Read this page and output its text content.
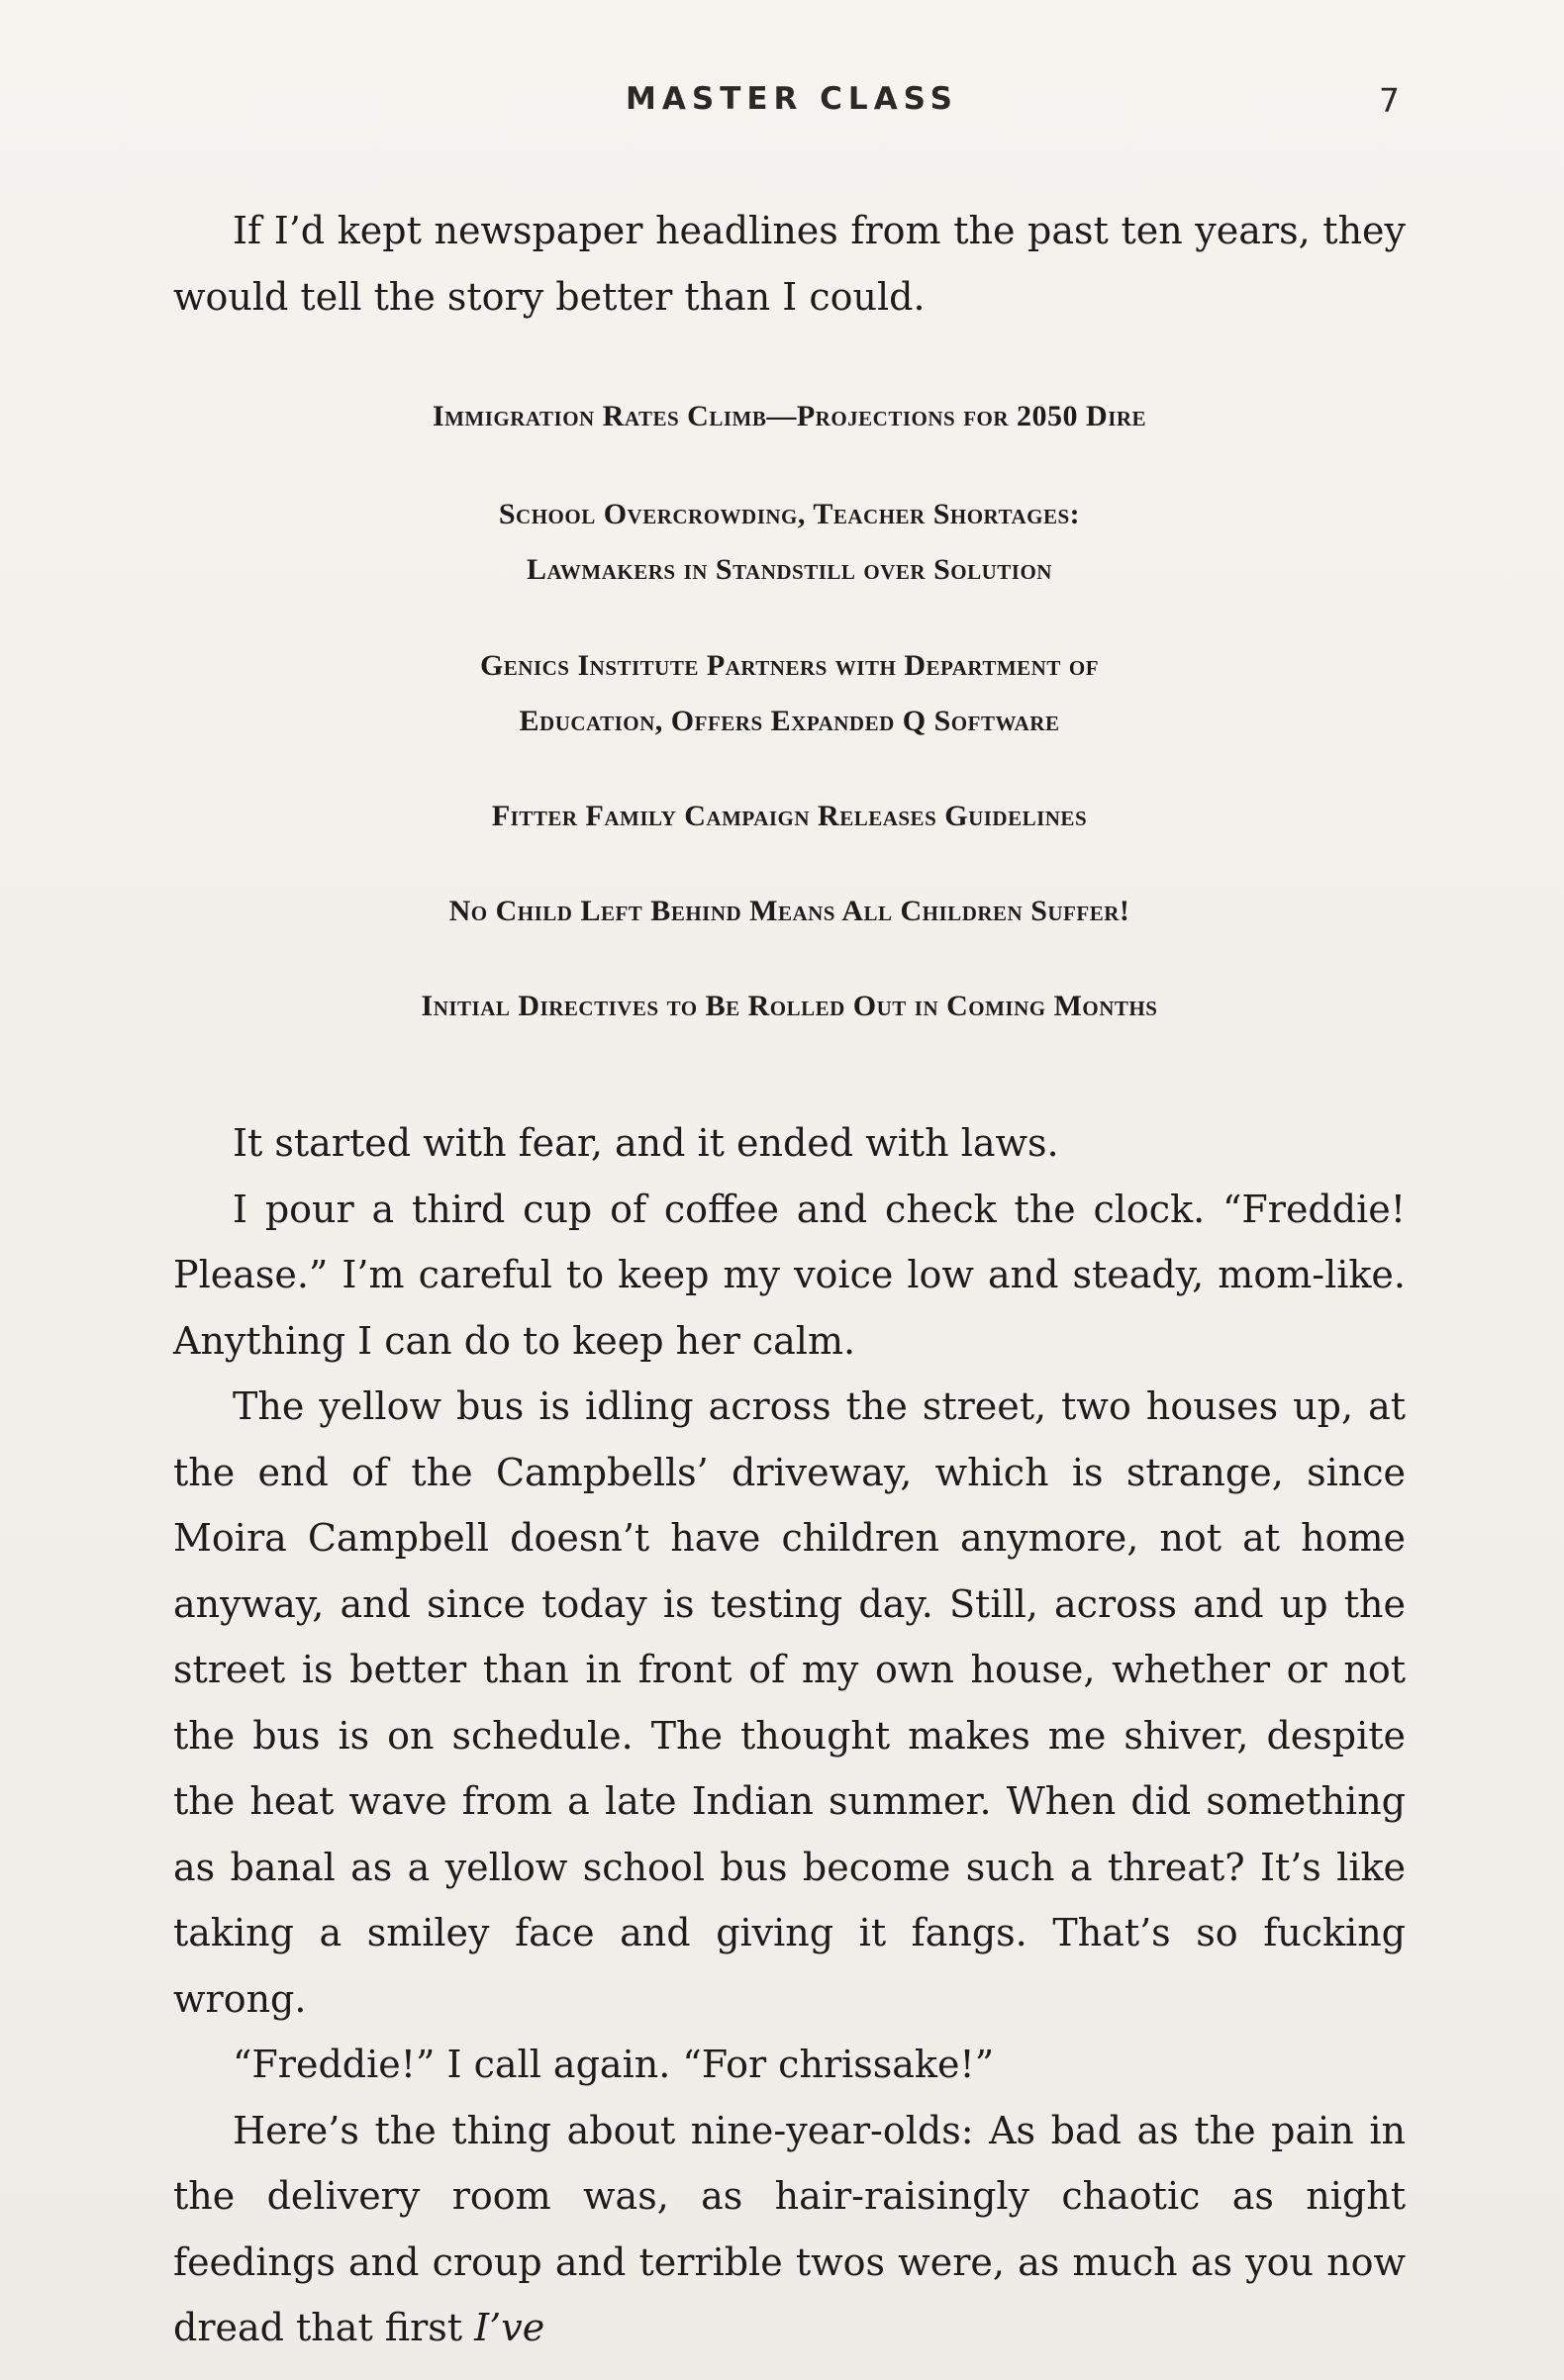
MASTER CLASS	7

If I’d kept newspaper headlines from the past ten years, they would tell the story better than I could.

Immigration Rates Climb—Projections for 2050 Dire
School Overcrowding, Teacher Shortages:
Lawmakers in Standstill over Solution
Genics Institute Partners with Department of
Education, Offers Expanded Q Software
Fitter Family Campaign Releases Guidelines
No Child Left Behind Means All Children Suffer!
Initial Directives to Be Rolled Out in Coming Months

It started with fear, and it ended with laws.

I pour a third cup of coffee and check the clock. “Freddie! Please.” I’m careful to keep my voice low and steady, mom-like. Anything I can do to keep her calm.

The yellow bus is idling across the street, two houses up, at the end of the Campbells’ driveway, which is strange, since Moira Campbell doesn’t have children anymore, not at home anyway, and since today is testing day. Still, across and up the street is better than in front of my own house, whether or not the bus is on schedule. The thought makes me shiver, despite the heat wave from a late Indian summer. When did something as banal as a yellow school bus become such a threat? It’s like taking a smiley face and giving it fangs. That’s so fucking wrong.

“Freddie!” I call again. “For chrissake!”

Here’s the thing about nine-year-olds: As bad as the pain in the delivery room was, as hair-raisingly chaotic as night feedings and croup and terrible twos were, as much as you now dread that first I’ve
